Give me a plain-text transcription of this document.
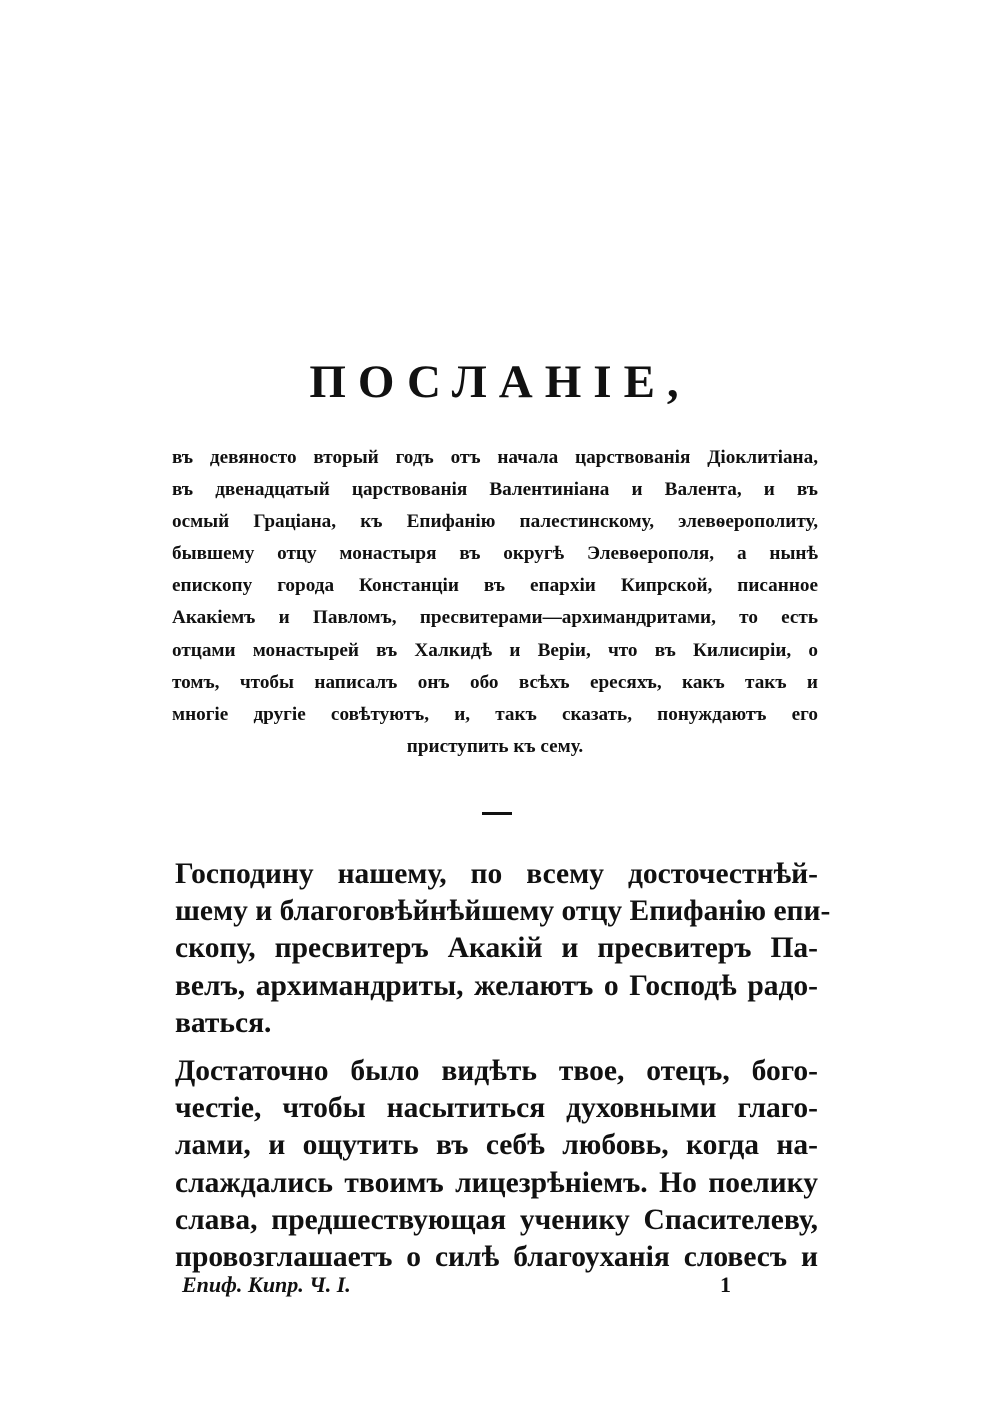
ПОСЛАНІЕ,
въ девяносто вторый годъ отъ начала царствованія Діоклитіана,
въ двенадцатый царствованія Валентиніана и Валента, и въ
осмый Граціана, къ Епифанію палестинскому, элевѳерополиту,
бывшему отцу монастыря въ округѣ Элевѳерополя, а нынѣ
епископу города Констанціи въ епархіи Кипрской, писанное
Акакіемъ и Павломъ, пресвитерами—архимандритами, то есть
отцами монастырей въ Халкидѣ и Веріи, что въ Килисиріи, о
томъ, чтобы написалъ онъ обо всѣхъ ересяхъ, какъ такъ и
многіе другіе совѣтуютъ, и, такъ сказать, понуждаютъ его
приступить къ сему.
Господину нашему, по всему досточестнѣй-
шему и благоговѣйнѣйшему отцу Епифанію епи-
скопу, пресвитеръ Акакій и пресвитеръ Па-
велъ, архимандриты, желаютъ о Господѣ радо-
ваться.
Достаточно было видѣть твое, отецъ, бого-
честіе, чтобы насытиться духовными глаго-
лами, и ощутить въ себѣ любовь, когда на-
слаждались твоимъ лицезрѣніемъ. Но поелику
слава, предшествующая ученику Спасителеву,
провозглашаетъ о силѣ благоуханія словесъ и
Епиф. Кипр. Ч. I.	1
